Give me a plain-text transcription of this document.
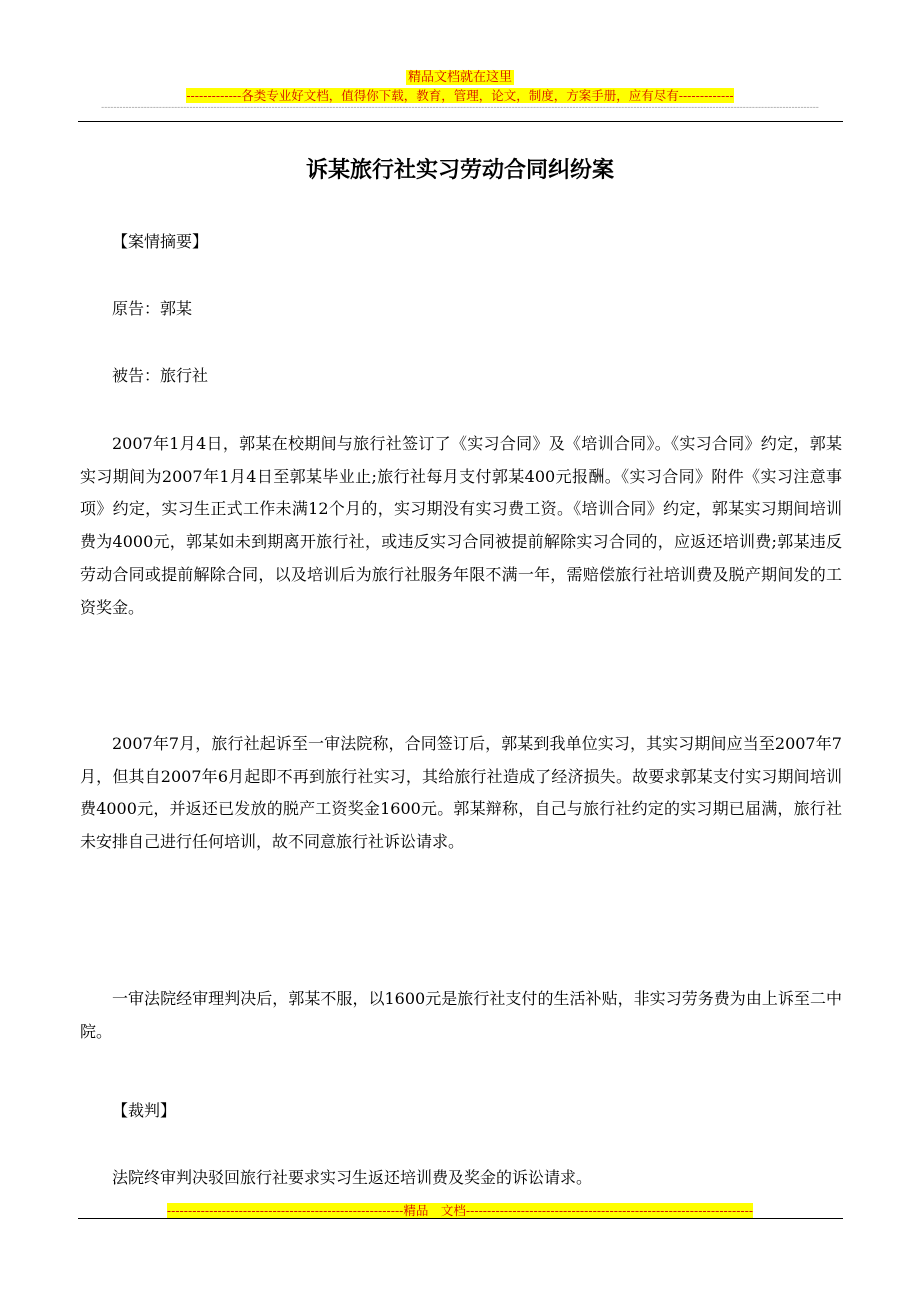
精品文档就在这里
-------------各类专业好文档，值得你下载，教育，管理，论文，制度，方案手册，应有尽有-------------
--------------------------------------------------------------------------------------------------------------------------------------------------------------------------------------------------------------------------------------------
诉某旅行社实习劳动合同纠纷案
【案情摘要】
原告：郭某
被告：旅行社
2007年1月4日，郭某在校期间与旅行社签订了《实习合同》及《培训合同》。《实习合同》约定，郭某实习期间为2007年1月4日至郭某毕业止;旅行社每月支付郭某400元报酬。《实习合同》附件《实习注意事项》约定，实习生正式工作未满12个月的，实习期没有实习费工资。《培训合同》约定，郭某实习期间培训费为4000元，郭某如未到期离开旅行社，或违反实习合同被提前解除实习合同的，应返还培训费;郭某违反劳动合同或提前解除合同，以及培训后为旅行社服务年限不满一年，需赔偿旅行社培训费及脱产期间发的工资奖金。
2007年7月，旅行社起诉至一审法院称，合同签订后，郭某到我单位实习，其实习期间应当至2007年7月，但其自2007年6月起即不再到旅行社实习，其给旅行社造成了经济损失。故要求郭某支付实习期间培训费4000元，并返还已发放的脱产工资奖金1600元。郭某辩称，自己与旅行社约定的实习期已届满，旅行社未安排自己进行任何培训，故不同意旅行社诉讼请求。
一审法院经审理判决后，郭某不服，以1600元是旅行社支付的生活补贴，非实习劳务费为由上诉至二中院。
【裁判】
法院终审判决驳回旅行社要求实习生返还培训费及奖金的诉讼请求。
--------------------------------------------------------精品　文档--------------------------------------------------------------------
